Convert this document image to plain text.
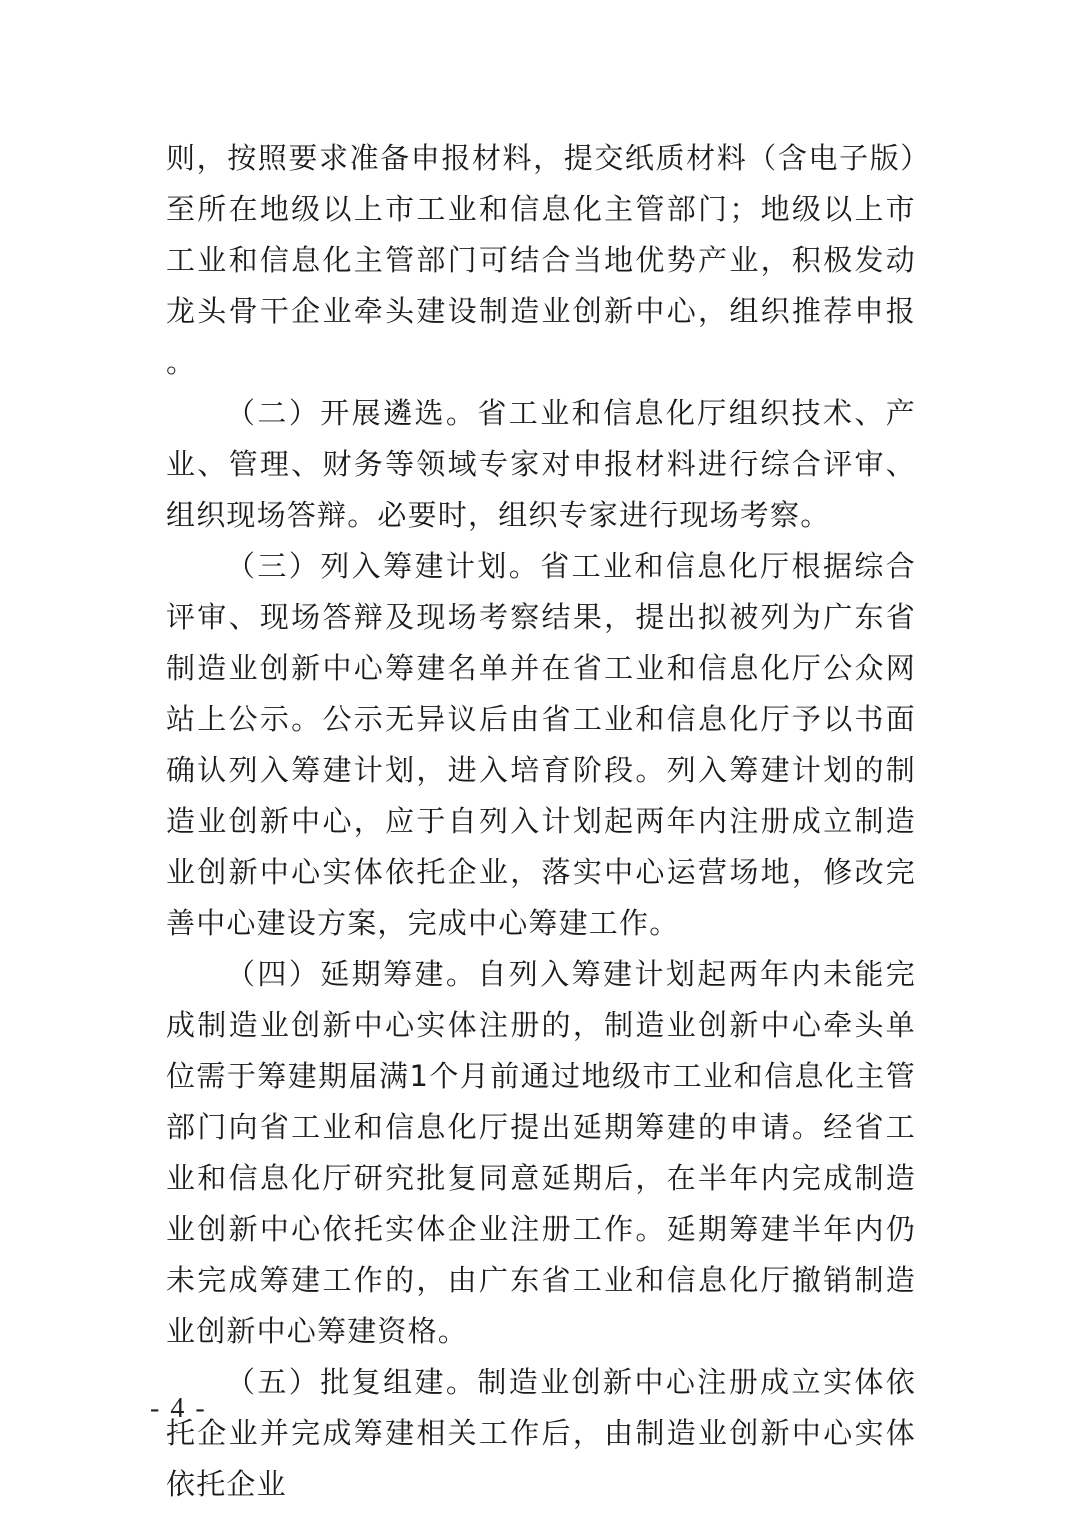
则，按照要求准备申报材料，提交纸质材料（含电子版）至所在地级以上市工业和信息化主管部门；地级以上市工业和信息化主管部门可结合当地优势产业，积极发动龙头骨干企业牵头建设制造业创新中心，组织推荐申报。

（二）开展遴选。省工业和信息化厅组织技术、产业、管理、财务等领域专家对申报材料进行综合评审、组织现场答辩。必要时，组织专家进行现场考察。

（三）列入筹建计划。省工业和信息化厅根据综合评审、现场答辩及现场考察结果，提出拟被列为广东省制造业创新中心筹建名单并在省工业和信息化厅公众网站上公示。公示无异议后由省工业和信息化厅予以书面确认列入筹建计划，进入培育阶段。列入筹建计划的制造业创新中心，应于自列入计划起两年内注册成立制造业创新中心实体依托企业，落实中心运营场地，修改完善中心建设方案，完成中心筹建工作。

（四）延期筹建。自列入筹建计划起两年内未能完成制造业创新中心实体注册的，制造业创新中心牵头单位需于筹建期届满1个月前通过地级市工业和信息化主管部门向省工业和信息化厅提出延期筹建的申请。经省工业和信息化厅研究批复同意延期后，在半年内完成制造业创新中心依托实体企业注册工作。延期筹建半年内仍未完成筹建工作的，由广东省工业和信息化厅撤销制造业创新中心筹建资格。

（五）批复组建。制造业创新中心注册成立实体依托企业并完成筹建相关工作后，由制造业创新中心实体依托企业

- 4 -
